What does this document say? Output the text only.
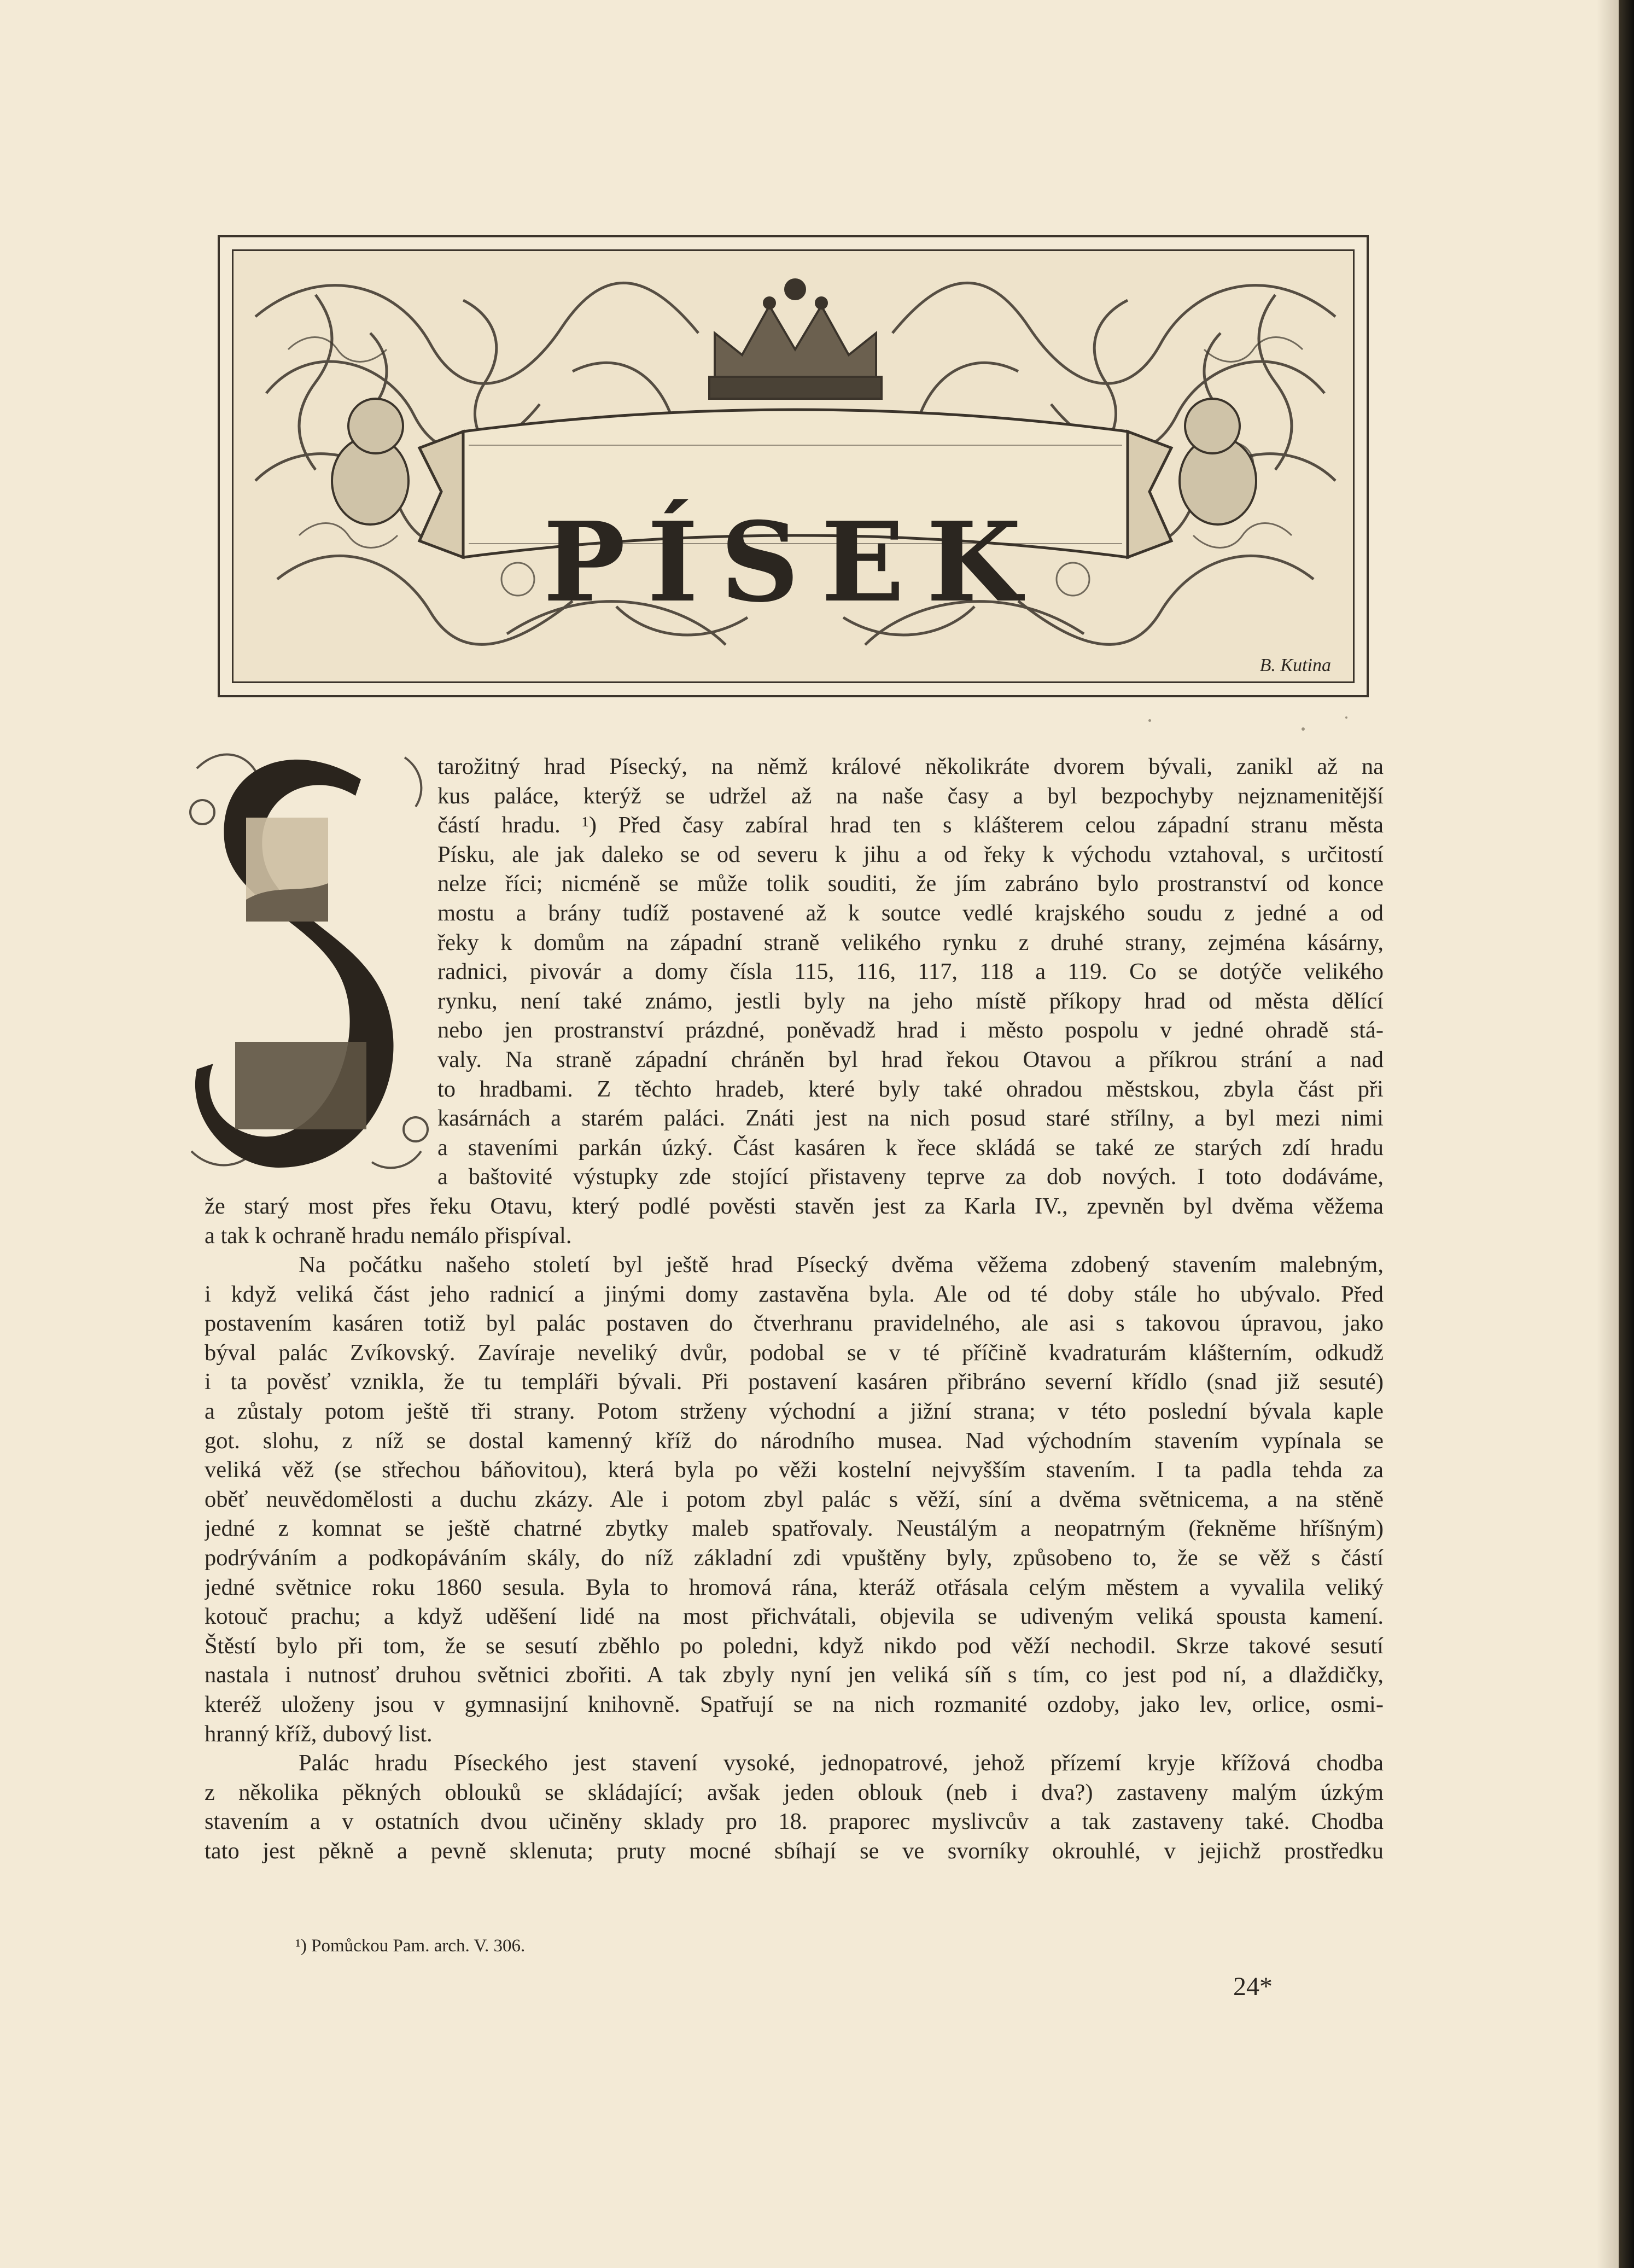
PÍSEK
B. Kutina
S
tarožitný hrad Písecký, na němž králové několikráte dvorem bývali, zanikl až na
kus paláce, kterýž se udržel až na naše časy a byl bezpochyby nejznamenitější
částí hradu. ¹) Před časy zabíral hrad ten s klášterem celou západní stranu města
Písku, ale jak daleko se od severu k jihu a od řeky k východu vztahoval, s určitostí
nelze říci; nicméně se může tolik souditi, že jím zabráno bylo prostranství od konce
mostu a brány tudíž postavené až k soutce vedlé krajského soudu z jedné a od
řeky k domům na západní straně velikého rynku z druhé strany, zejména kásárny,
radnici, pivovár a domy čísla 115, 116, 117, 118 a 119. Co se dotýče velikého
rynku, není také známo, jestli byly na jeho místě příkopy hrad od města dělící
nebo jen prostranství prázdné, poněvadž hrad i město pospolu v jedné ohradě stá-
valy. Na straně západní chráněn byl hrad řekou Otavou a příkrou strání a nad
to hradbami. Z těchto hradeb, které byly také ohradou městskou, zbyla část při
kasárnách a starém paláci. Znáti jest na nich posud staré střílny, a byl mezi nimi
a staveními parkán úzký. Část kasáren k řece skládá se také ze starých zdí hradu
a baštovité výstupky zde stojící přistaveny teprve za dob nových. I toto dodáváme,
že starý most přes řeku Otavu, který podlé pověsti stavěn jest za Karla IV., zpevněn byl dvěma věžema
a tak k ochraně hradu nemálo přispíval.
Na počátku našeho století byl ještě hrad Písecký dvěma věžema zdobený stavením malebným,
i když veliká část jeho radnicí a jinými domy zastavěna byla. Ale od té doby stále ho ubývalo. Před
postavením kasáren totiž byl palác postaven do čtverhranu pravidelného, ale asi s takovou úpravou, jako
býval palác Zvíkovský. Zavíraje neveliký dvůr, podobal se v té příčině kvadraturám klášterním, odkudž
i ta pověsť vznikla, že tu templáři bývali. Při postavení kasáren přibráno severní křídlo (snad již sesuté)
a zůstaly potom ještě tři strany. Potom strženy východní a jižní strana; v této poslední bývala kaple
got. slohu, z níž se dostal kamenný kříž do národního musea. Nad východním stavením vypínala se
veliká věž (se střechou báňovitou), která byla po věži kostelní nejvyšším stavením. I ta padla tehda za
oběť neuvědomělosti a duchu zkázy. Ale i potom zbyl palác s věží, síní a dvěma světnicema, a na stěně
jedné z komnat se ještě chatrné zbytky maleb spatřovaly. Neustálým a neopatrným (řekněme hříšným)
podrýváním a podkopáváním skály, do níž základní zdi vpuštěny byly, způsobeno to, že se věž s částí
jedné světnice roku 1860 sesula. Byla to hromová rána, kteráž otřásala celým městem a vyvalila veliký
kotouč prachu; a když uděšení lidé na most přichvátali, objevila se udiveným veliká spousta kamení.
Štěstí bylo při tom, že se sesutí zběhlo po poledni, když nikdo pod věží nechodil. Skrze takové sesutí
nastala i nutnosť druhou světnici zbořiti. A tak zbyly nyní jen veliká síň s tím, co jest pod ní, a dlaždičky,
kteréž uloženy jsou v gymnasijní knihovně. Spatřují se na nich rozmanité ozdoby, jako lev, orlice, osmi-
hranný kříž, dubový list.
Palác hradu Píseckého jest stavení vysoké, jednopatrové, jehož přízemí kryje křížová chodba
z několika pěkných oblouků se skládající; avšak jeden oblouk (neb i dva?) zastaveny malým úzkým
stavením a v ostatních dvou učiněny sklady pro 18. praporec myslivcův a tak zastaveny také. Chodba
tato jest pěkně a pevně sklenuta; pruty mocné sbíhají se ve svorníky okrouhlé, v jejichž prostředku
¹) Pomůckou Pam. arch. V. 306.
24*
